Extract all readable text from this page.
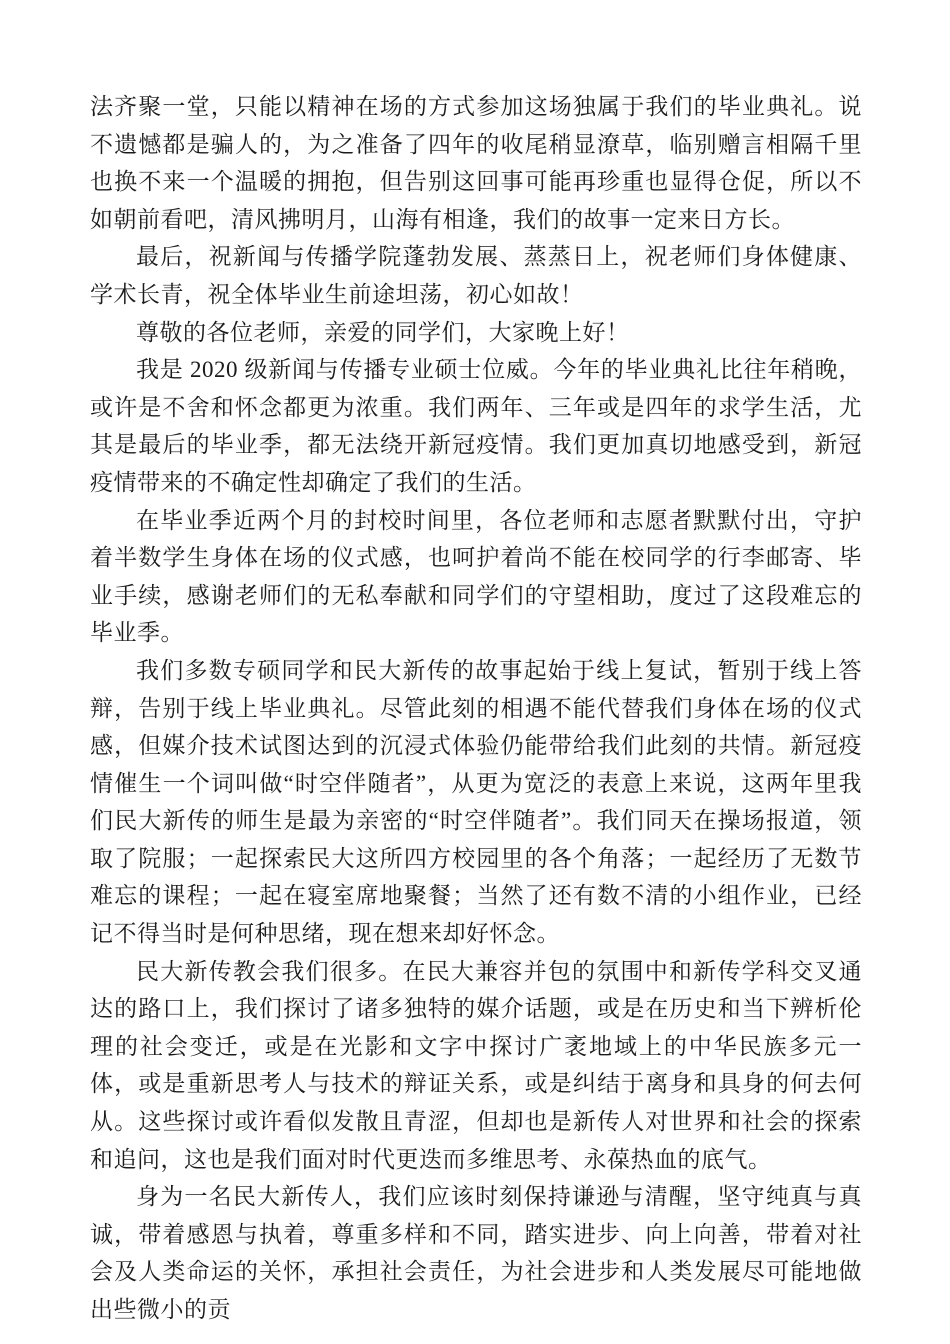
法齐聚一堂，只能以精神在场的方式参加这场独属于我们的毕业典礼。说不遗憾都是骗人的，为之准备了四年的收尾稍显潦草，临别赠言相隔千里也换不来一个温暖的拥抱，但告别这回事可能再珍重也显得仓促，所以不如朝前看吧，清风拂明月，山海有相逢，我们的故事一定来日方长。

最后，祝新闻与传播学院蓬勃发展、蒸蒸日上，祝老师们身体健康、学术长青，祝全体毕业生前途坦荡，初心如故！

尊敬的各位老师，亲爱的同学们，大家晚上好！

我是 2020 级新闻与传播专业硕士位威。今年的毕业典礼比往年稍晚，或许是不舍和怀念都更为浓重。我们两年、三年或是四年的求学生活，尤其是最后的毕业季，都无法绕开新冠疫情。我们更加真切地感受到，新冠疫情带来的不确定性却确定了我们的生活。

在毕业季近两个月的封校时间里，各位老师和志愿者默默付出，守护着半数学生身体在场的仪式感，也呵护着尚不能在校同学的行李邮寄、毕业手续，感谢老师们的无私奉献和同学们的守望相助，度过了这段难忘的毕业季。

我们多数专硕同学和民大新传的故事起始于线上复试，暂别于线上答辩，告别于线上毕业典礼。尽管此刻的相遇不能代替我们身体在场的仪式感，但媒介技术试图达到的沉浸式体验仍能带给我们此刻的共情。新冠疫情催生一个词叫做“时空伴随者”，从更为宽泛的表意上来说，这两年里我们民大新传的师生是最为亲密的“时空伴随者”。我们同天在操场报道，领取了院服；一起探索民大这所四方校园里的各个角落；一起经历了无数节难忘的课程；一起在寝室席地聚餐；当然了还有数不清的小组作业，已经记不得当时是何种思绪，现在想来却好怀念。

民大新传教会我们很多。在民大兼容并包的氛围中和新传学科交叉通达的路口上，我们探讨了诸多独特的媒介话题，或是在历史和当下辨析伦理的社会变迁，或是在光影和文字中探讨广袤地域上的中华民族多元一体，或是重新思考人与技术的辩证关系，或是纠结于离身和具身的何去何从。这些探讨或许看似发散且青涩，但却也是新传人对世界和社会的探索和追问，这也是我们面对时代更迭而多维思考、永葆热血的底气。

身为一名民大新传人，我们应该时刻保持谦逊与清醒，坚守纯真与真诚，带着感恩与执着，尊重多样和不同，踏实进步、向上向善，带着对社会及人类命运的关怀，承担社会责任，为社会进步和人类发展尽可能地做出些微小的贡
